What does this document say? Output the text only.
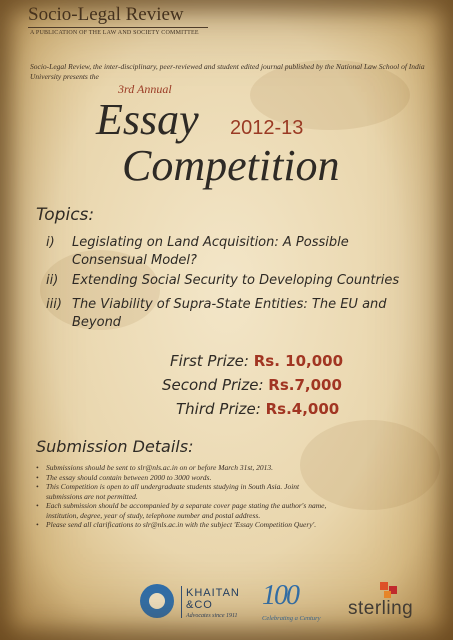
Socio-Legal Review
A PUBLICATION OF THE LAW AND SOCIETY COMMITTEE
Socio-Legal Review, the inter-disciplinary, peer-reviewed and student edited journal published by the National Law School of India University presents the
3rd Annual
Essay 2012-13
Competition
Topics:
i) Legislating on Land Acquisition: A Possible
Consensual Model?
ii) Extending Social Security to Developing Countries
iii) The Viability of Supra-State Entities: The EU and
Beyond
First Prize: Rs. 10,000
Second Prize: Rs.7,000
Third Prize: Rs.4,000
Submission Details:
• Submissions should be sent to slr@nls.ac.in on or before March 31st, 2013.
• The essay should contain between 2000 to 3000 words.
• This Competition is open to all undergraduate students studying in South Asia. Joint submissions are not permitted.
• Each submission should be accompanied by a separate cover page stating the author's name, institution, degree, year of study, telephone number and postal address.
• Please send all clarifications to slr@nls.ac.in with the subject 'Essay Competition Query'.
KHAITAN
&CO
Advocates since 1911
100
Celebrating a Century sterling
